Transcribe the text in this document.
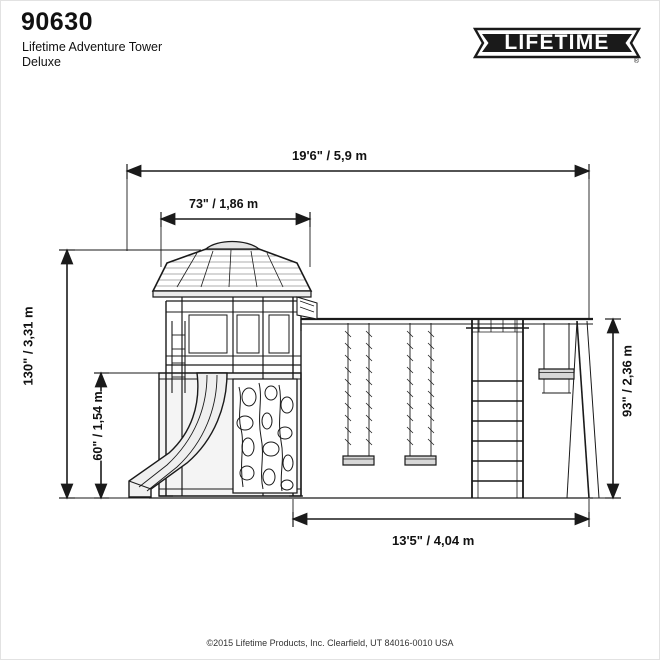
90630
Lifetime Adventure Tower Deluxe
LIFETIME
®
19'6" / 5,9 m
73" / 1,86 m
13'5" / 4,04 m
130" / 3,31 m
60" / 1,54 m
93" / 2,36 m
©2015 Lifetime Products, Inc. Clearfield, UT 84016-0010 USA
